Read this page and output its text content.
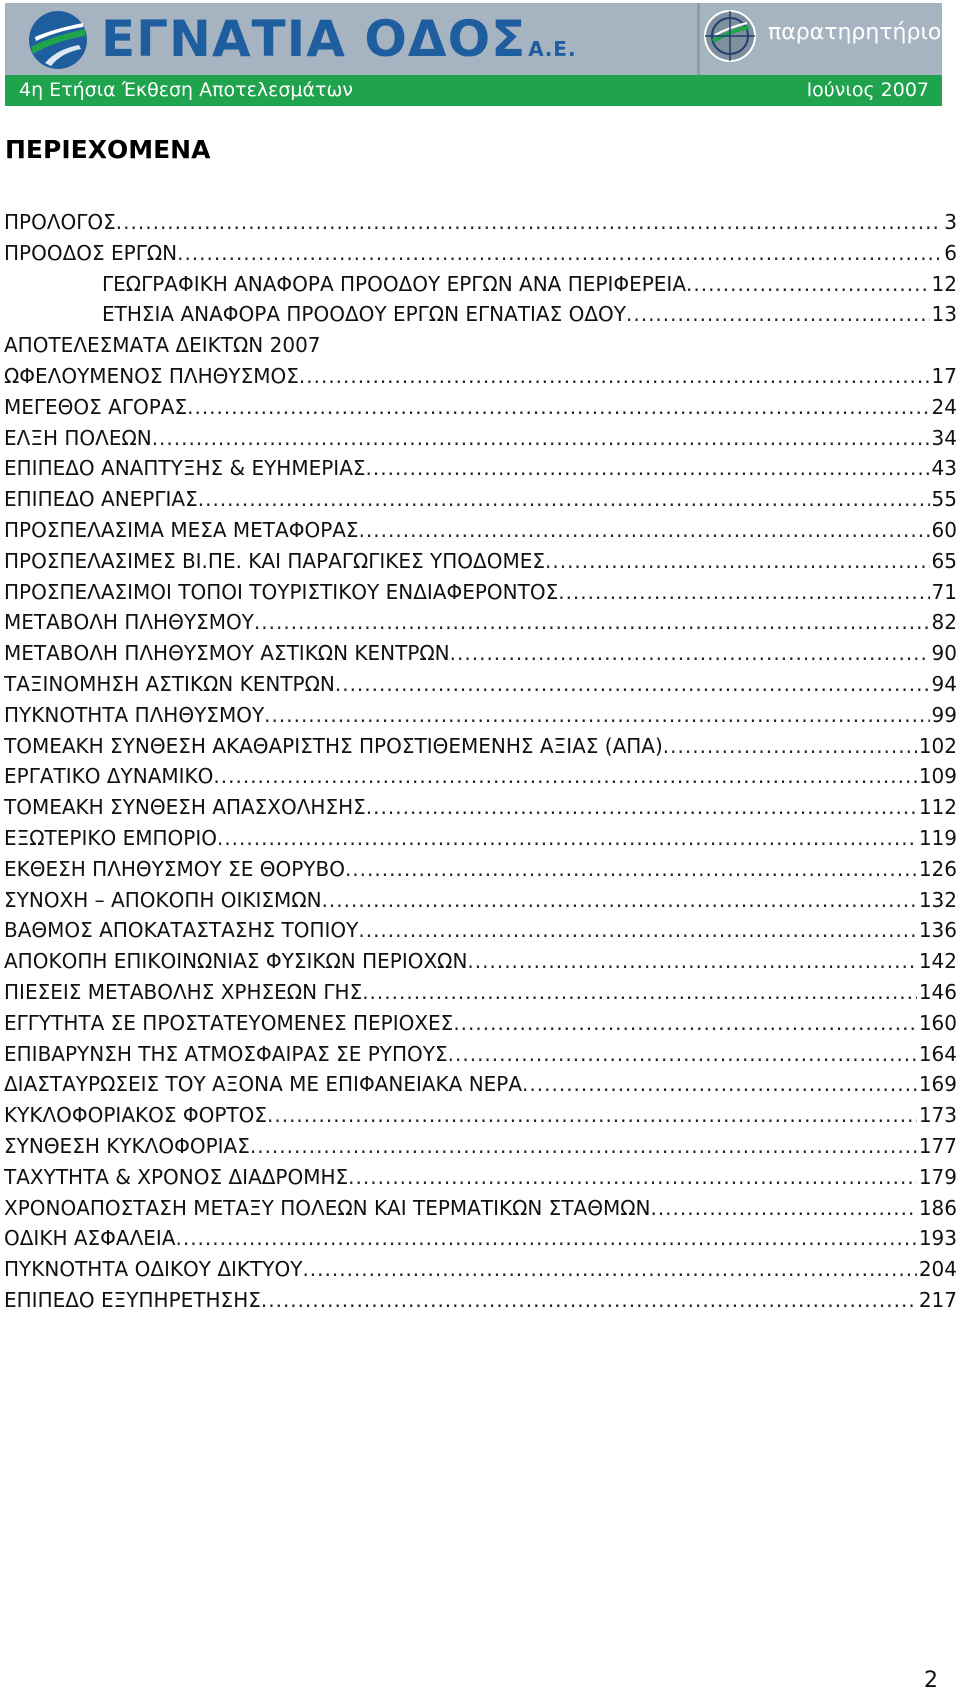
ΕΓΝΑΤΙΑ ΟΔΟΣ Α.Ε.
παρατηρητήριο
4η Ετήσια Έκθεση Αποτελεσμάτων	Ιούνιος 2007
ΠΕΡΙΕΧΟΜΕΝΑ
ΠΡΟΛΟΓΟΣ .....	3
ΠΡΟΟΔΟΣ ΕΡΓΩΝ .....	6
ΓΕΩΓΡΑΦΙΚΗ ΑΝΑΦΟΡΑ ΠΡΟΟΔΟΥ ΕΡΓΩΝ ΑΝΑ ΠΕΡΙΦΕΡΕΙΑ .....	12
ΕΤΗΣΙΑ ΑΝΑΦΟΡΑ ΠΡΟΟΔΟΥ ΕΡΓΩΝ ΕΓΝΑΤΙΑΣ ΟΔΟΥ .....	13
ΑΠΟΤΕΛΕΣΜΑΤΑ ΔΕΙΚΤΩΝ 2007
ΩΦΕΛΟΥΜΕΝΟΣ ΠΛΗΘΥΣΜΟΣ .....	17
ΜΕΓΕΘΟΣ ΑΓΟΡΑΣ .....	24
ΕΛΞΗ ΠΟΛΕΩΝ .....	34
ΕΠΙΠΕΔΟ ΑΝΑΠΤΥΞΗΣ & ΕΥΗΜΕΡΙΑΣ .....	43
ΕΠΙΠΕΔΟ ΑΝΕΡΓΙΑΣ .....	55
ΠΡΟΣΠΕΛΑΣΙΜΑ ΜΕΣΑ ΜΕΤΑΦΟΡΑΣ .....	60
ΠΡΟΣΠΕΛΑΣΙΜΕΣ ΒΙ.ΠΕ. ΚΑΙ ΠΑΡΑΓΩΓΙΚΕΣ ΥΠΟΔΟΜΕΣ .....	65
ΠΡΟΣΠΕΛΑΣΙΜΟΙ ΤΟΠΟΙ ΤΟΥΡΙΣΤΙΚΟΥ ΕΝΔΙΑΦΕΡΟΝΤΟΣ .....	71
ΜΕΤΑΒΟΛΗ ΠΛΗΘΥΣΜΟΥ .....	82
ΜΕΤΑΒΟΛΗ ΠΛΗΘΥΣΜΟΥ ΑΣΤΙΚΩΝ ΚΕΝΤΡΩΝ .....	90
ΤΑΞΙΝΟΜΗΣΗ ΑΣΤΙΚΩΝ ΚΕΝΤΡΩΝ .....	94
ΠΥΚΝΟΤΗΤΑ ΠΛΗΘΥΣΜΟΥ .....	99
ΤΟΜΕΑΚΗ ΣΥΝΘΕΣΗ ΑΚΑΘΑΡΙΣΤΗΣ ΠΡΟΣΤΙΘΕΜΕΝΗΣ ΑΞΙΑΣ (ΑΠΑ) .....	102
ΕΡΓΑΤΙΚΟ ΔΥΝΑΜΙΚΟ .....	109
ΤΟΜΕΑΚΗ ΣΥΝΘΕΣΗ ΑΠΑΣΧΟΛΗΣΗΣ .....	112
ΕΞΩΤΕΡΙΚΟ ΕΜΠΟΡΙΟ .....	119
ΕΚΘΕΣΗ ΠΛΗΘΥΣΜΟΥ ΣΕ ΘΟΡΥΒΟ .....	126
ΣΥΝΟΧΗ – ΑΠΟΚΟΠΗ ΟΙΚΙΣΜΩΝ .....	132
ΒΑΘΜΟΣ ΑΠΟΚΑΤΑΣΤΑΣΗΣ ΤΟΠΙΟΥ .....	136
ΑΠΟΚΟΠΗ ΕΠΙΚΟΙΝΩΝΙΑΣ ΦΥΣΙΚΩΝ ΠΕΡΙΟΧΩΝ .....	142
ΠΙΕΣΕΙΣ ΜΕΤΑΒΟΛΗΣ ΧΡΗΣΕΩΝ ΓΗΣ .....	146
ΕΓΓΥΤΗΤΑ ΣΕ ΠΡΟΣΤΑΤΕΥΟΜΕΝΕΣ ΠΕΡΙΟΧΕΣ .....	160
ΕΠΙΒΑΡΥΝΣΗ ΤΗΣ ΑΤΜΟΣΦΑΙΡΑΣ ΣΕ ΡΥΠΟΥΣ .....	164
ΔΙΑΣΤΑΥΡΩΣΕΙΣ ΤΟΥ ΑΞΟΝΑ ΜΕ ΕΠΙΦΑΝΕΙΑΚΑ ΝΕΡΑ .....	169
ΚΥΚΛΟΦΟΡΙΑΚΟΣ ΦΟΡΤΟΣ .....	173
ΣΥΝΘΕΣΗ ΚΥΚΛΟΦΟΡΙΑΣ .....	177
ΤΑΧΥΤΗΤΑ & ΧΡΟΝΟΣ ΔΙΑΔΡΟΜΗΣ .....	179
ΧΡΟΝΟΑΠΟΣΤΑΣΗ ΜΕΤΑΞΥ ΠΟΛΕΩΝ ΚΑΙ ΤΕΡΜΑΤΙΚΩΝ ΣΤΑΘΜΩΝ .....	186
ΟΔΙΚΗ ΑΣΦΑΛΕΙΑ .....	193
ΠΥΚΝΟΤΗΤΑ ΟΔΙΚΟΥ ΔΙΚΤΥΟΥ .....	204
ΕΠΙΠΕΔΟ ΕΞΥΠΗΡΕΤΗΣΗΣ .....	217
2
